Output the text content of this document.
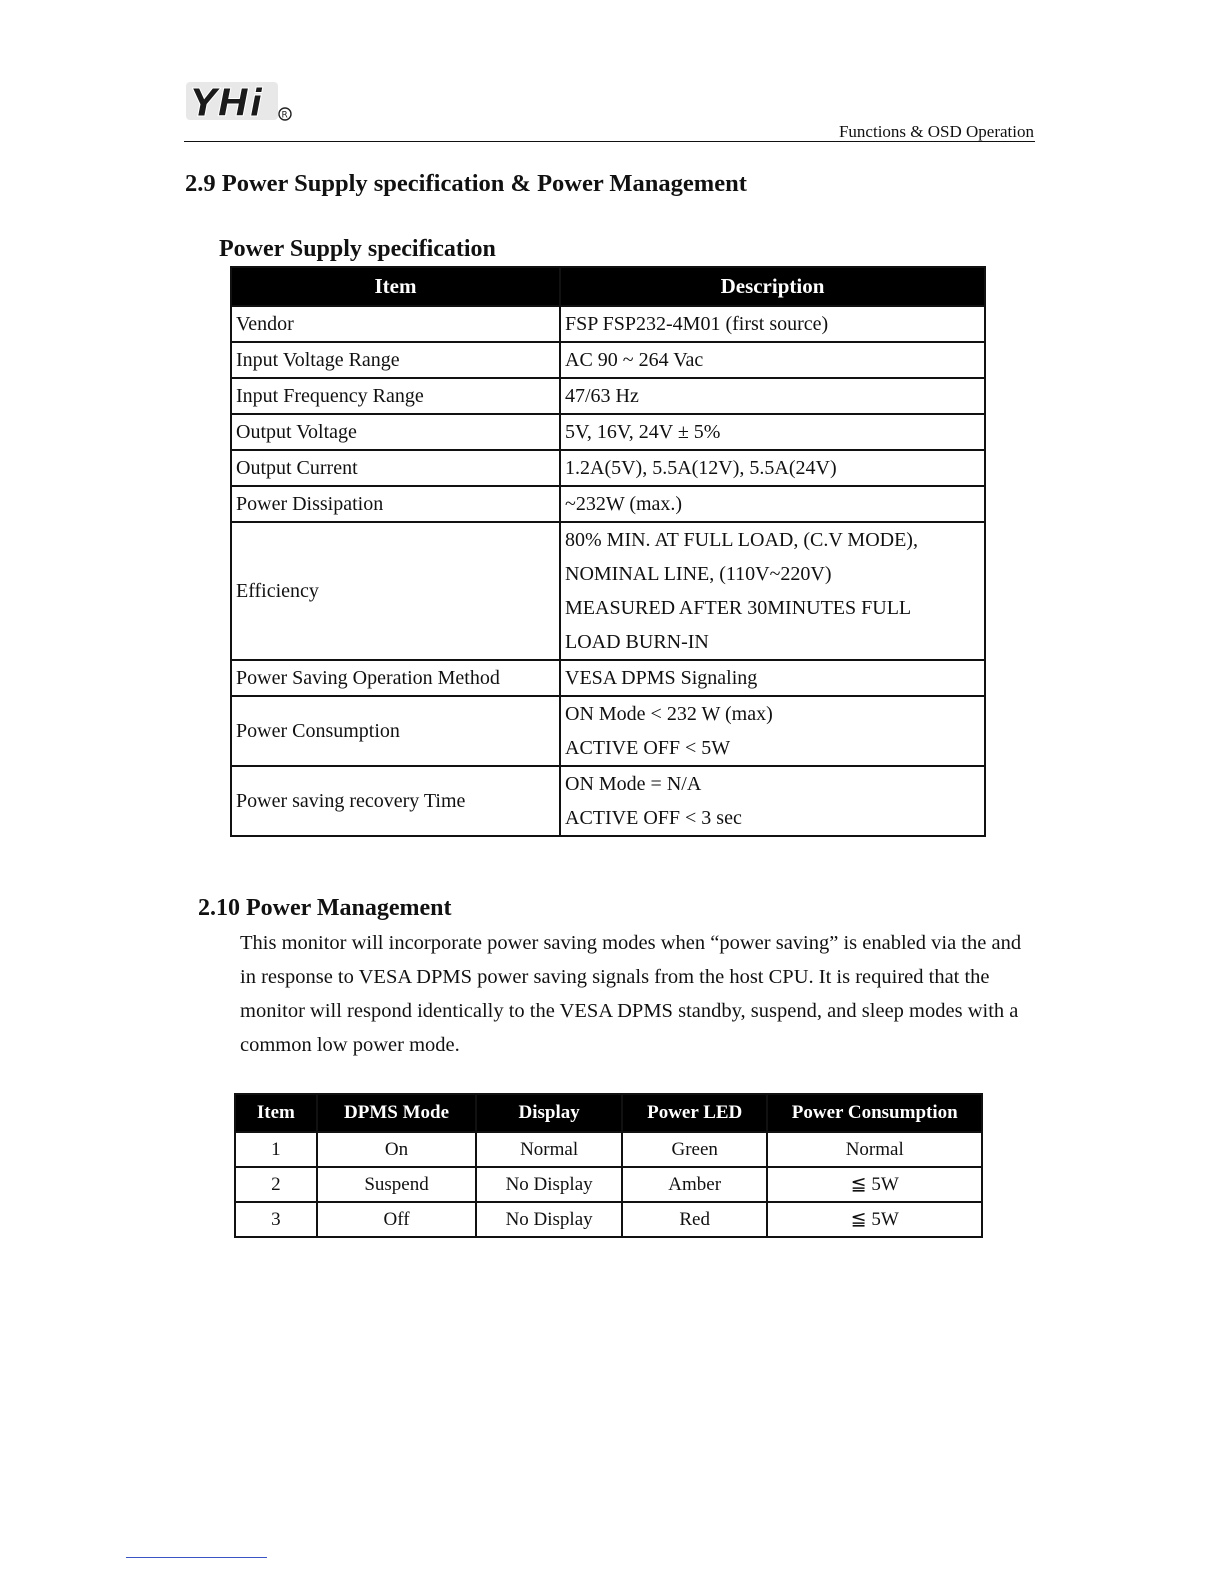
YHi R
Functions & OSD Operation
2.9 Power Supply specification & Power Management
Power Supply specification
Item	Description
Vendor	FSP FSP232-4M01 (first source)

Input Voltage Range	AC 90 ~ 264 Vac

Input Frequency Range	47/63 Hz

Output Voltage	5V, 16V, 24V ± 5%

Output Current	1.2A(5V), 5.5A(12V), 5.5A(24V)

Power Dissipation	~232W (max.)

Efficiency	80% MIN. AT FULL LOAD, (C.V MODE),
NOMINAL LINE, (110V~220V)
MEASURED AFTER 30MINUTES FULL
LOAD BURN-IN

Power Saving Operation Method	VESA DPMS Signaling

Power Consumption	ON Mode < 232 W (max)
ACTIVE OFF < 5W

Power saving recovery Time	ON Mode = N/A
ACTIVE OFF < 3 sec
2.10 Power Management

This monitor will incorporate power saving modes when “power saving” is enabled via the and in response to VESA DPMS power saving signals from the host CPU. It is required that the monitor will respond identically to the VESA DPMS standby, suspend, and sleep modes with a common low power mode.

Item	DPMS Mode	Display	Power LED	Power Consumption
1	On	Normal	Green	Normal
2	Suspend	No Display	Amber	≦ 5W
3	Off	No Display	Red	≦ 5W
